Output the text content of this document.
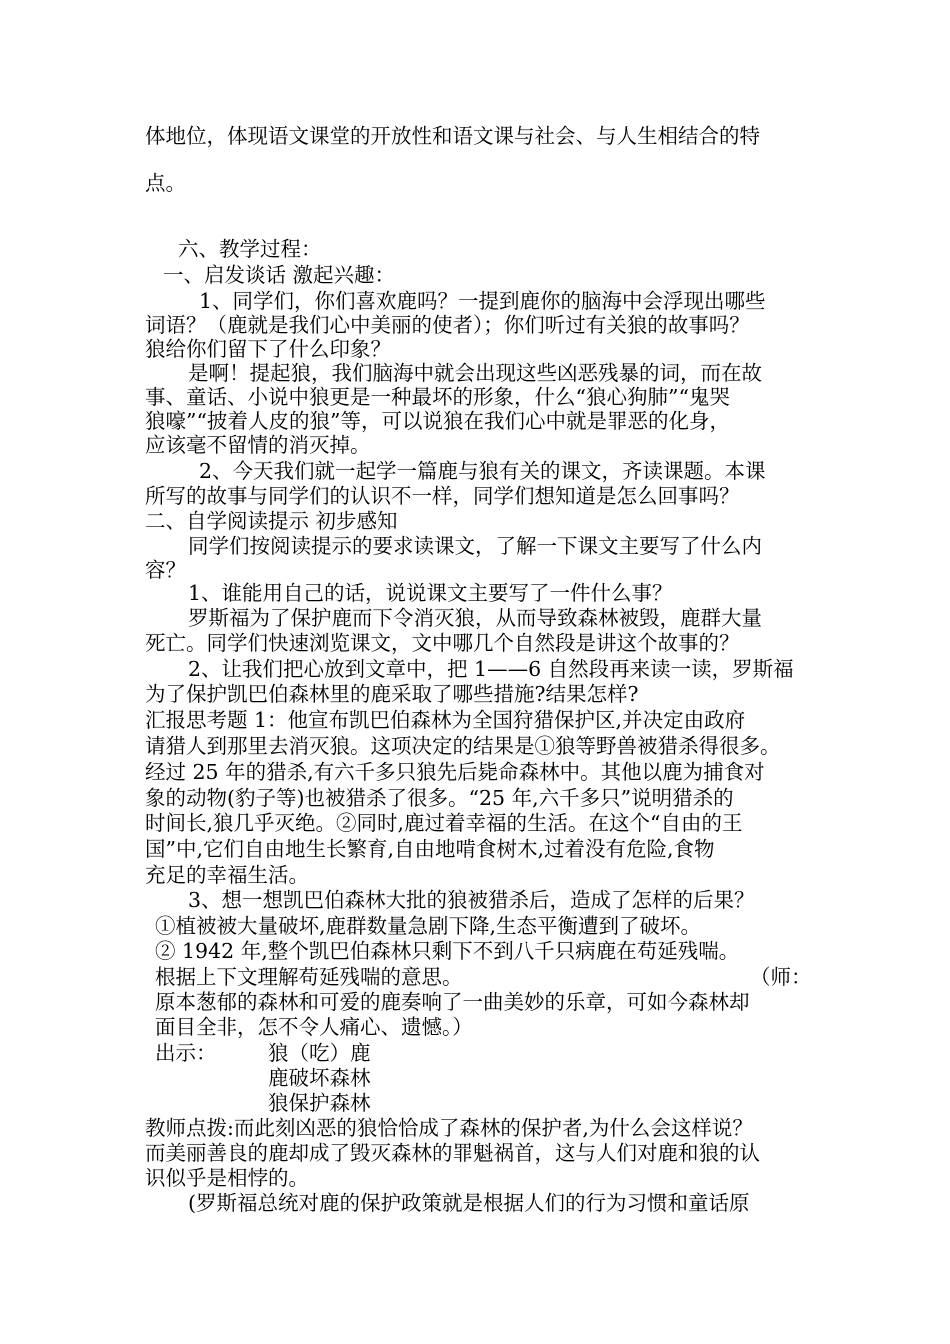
体地位，体现语文课堂的开放性和语文课与社会、与人生相结合的特
点。
六、教学过程：
一、启发谈话 激起兴趣：
1、同学们，你们喜欢鹿吗？一提到鹿你的脑海中会浮现出哪些
词语？（鹿就是我们心中美丽的使者）；你们听过有关狼的故事吗？
狼给你们留下了什么印象？
是啊！提起狼，我们脑海中就会出现这些凶恶残暴的词，而在故
事、童话、小说中狼更是一种最坏的形象，什么“狼心狗肺”“鬼哭
狼嚎”“披着人皮的狼”等，可以说狼在我们心中就是罪恶的化身，
应该毫不留情的消灭掉。
2、今天我们就一起学一篇鹿与狼有关的课文，齐读课题。本课
所写的故事与同学们的认识不一样，同学们想知道是怎么回事吗？
二、自学阅读提示 初步感知
同学们按阅读提示的要求读课文，了解一下课文主要写了什么内
容？
1、谁能用自己的话，说说课文主要写了一件什么事？
罗斯福为了保护鹿而下令消灭狼，从而导致森林被毁，鹿群大量
死亡。同学们快速浏览课文，文中哪几个自然段是讲这个故事的？
2、让我们把心放到文章中，把 1——6 自然段再来读一读，罗斯福
为了保护凯巴伯森林里的鹿采取了哪些措施?结果怎样?
汇报思考题 1：他宣布凯巴伯森林为全国狩猎保护区,并决定由政府
请猎人到那里去消灭狼。这项决定的结果是①狼等野兽被猎杀得很多。
经过 25 年的猎杀,有六千多只狼先后毙命森林中。其他以鹿为捕食对
象的动物(豹子等)也被猎杀了很多。“25 年,六千多只”说明猎杀的
时间长,狼几乎灭绝。②同时,鹿过着幸福的生活。在这个“自由的王
国”中,它们自由地生长繁育,自由地啃食树木,过着没有危险,食物
充足的幸福生活。
3、想一想凯巴伯森林大批的狼被猎杀后，造成了怎样的后果？
①植被被大量破坏,鹿群数量急剧下降,生态平衡遭到了破坏。
② 1942 年,整个凯巴伯森林只剩下不到八千只病鹿在苟延残喘。
根据上下文理解苟延残喘的意思。	（师：
原本葱郁的森林和可爱的鹿奏响了一曲美妙的乐章，可如今森林却
面目全非，怎不令人痛心、遗憾。）
出示：	狼（吃）鹿
鹿破坏森林
狼保护森林
教师点拨:而此刻凶恶的狼恰恰成了森林的保护者,为什么会这样说？
而美丽善良的鹿却成了毁灭森林的罪魁祸首，这与人们对鹿和狼的认
识似乎是相悖的。
(罗斯福总统对鹿的保护政策就是根据人们的行为习惯和童话原
